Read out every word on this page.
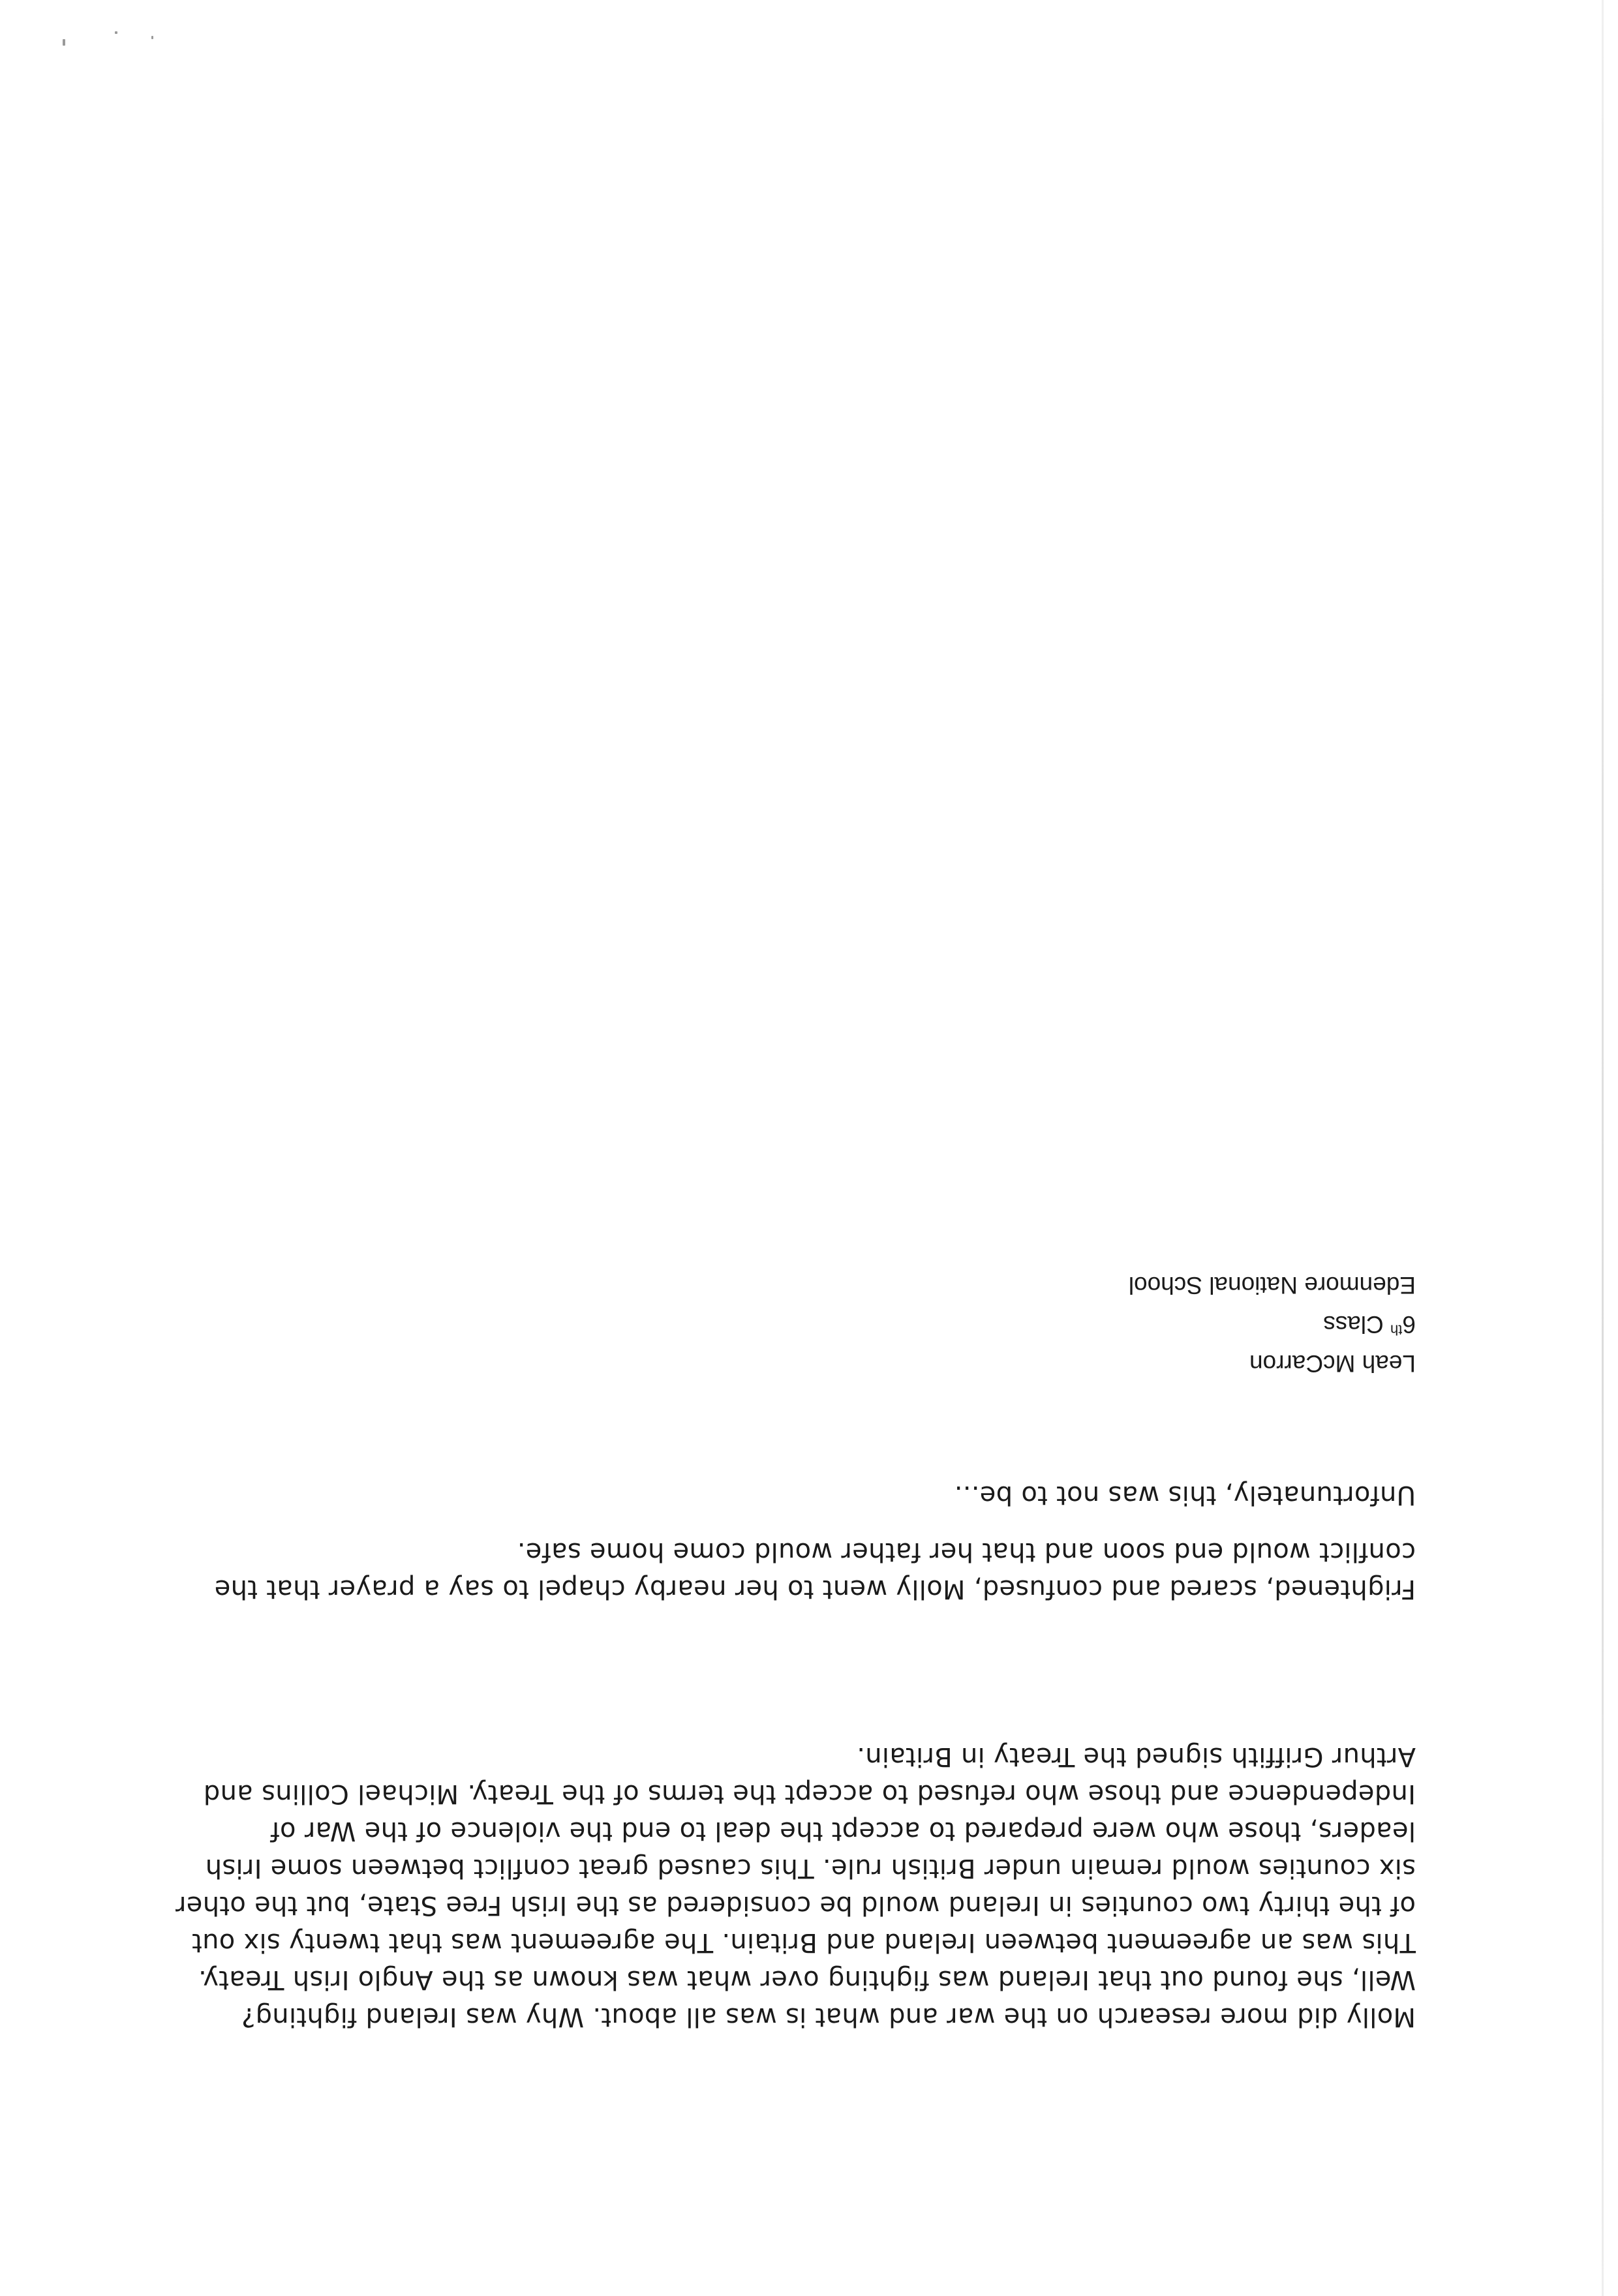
Molly did more research on the war and what is was all about. Why was Ireland fighting?
Well, she found out that Ireland was fighting over what was known as the Anglo Irish Treaty.
This was an agreement between Ireland and Britain. The agreement was that twenty six out
of the thirty two counties in Ireland would be considered as the Irish Free State, but the other
six counties would remain under British rule. This caused great conflict between some Irish
leaders, those who were prepared to accept the deal to end the violence of the War of
Independence and those who refused to accept the terms of the Treaty. Michael Collins and
Arthur Griffith signed the Treaty in Britain.

Frightened, scared and confused, Molly went to her nearby chapel to say a prayer that the
conflict would end soon and that her father would come home safe.

Unfortunately, this was not to be...

Leah McCarron
6th Class
Edenmore National School
